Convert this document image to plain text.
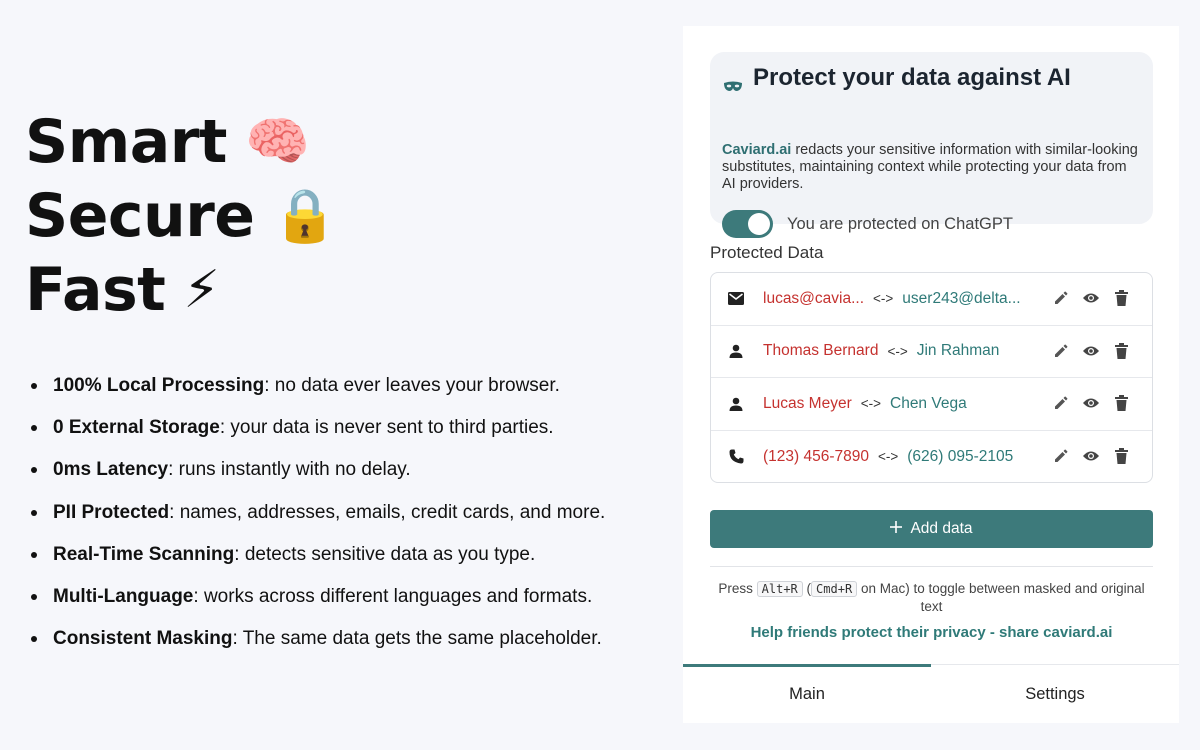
Smart 🧠
Secure 🔒
Fast ⚡
100% Local Processing: no data ever leaves your browser.
0 External Storage: your data is never sent to third parties.
0ms Latency: runs instantly with no delay.
PII Protected: names, addresses, emails, credit cards, and more.
Real-Time Scanning: detects sensitive data as you type.
Multi-Language: works across different languages and formats.
Consistent Masking: The same data gets the same placeholder.
Protect your data against AI
Caviard.ai redacts your sensitive information with similar-looking substitutes, maintaining context while protecting your data from AI providers.
You are protected on ChatGPT
Protected Data
lucas@cavia... <-> user243@delta...
Thomas Bernard <-> Jin Rahman
Lucas Meyer <-> Chen Vega
(123) 456-7890 <-> (626) 095-2105
Add data
Press Alt+R ( Cmd+R on Mac) to toggle between masked and original text
Help friends protect their privacy - share caviard.ai
Main	Settings
